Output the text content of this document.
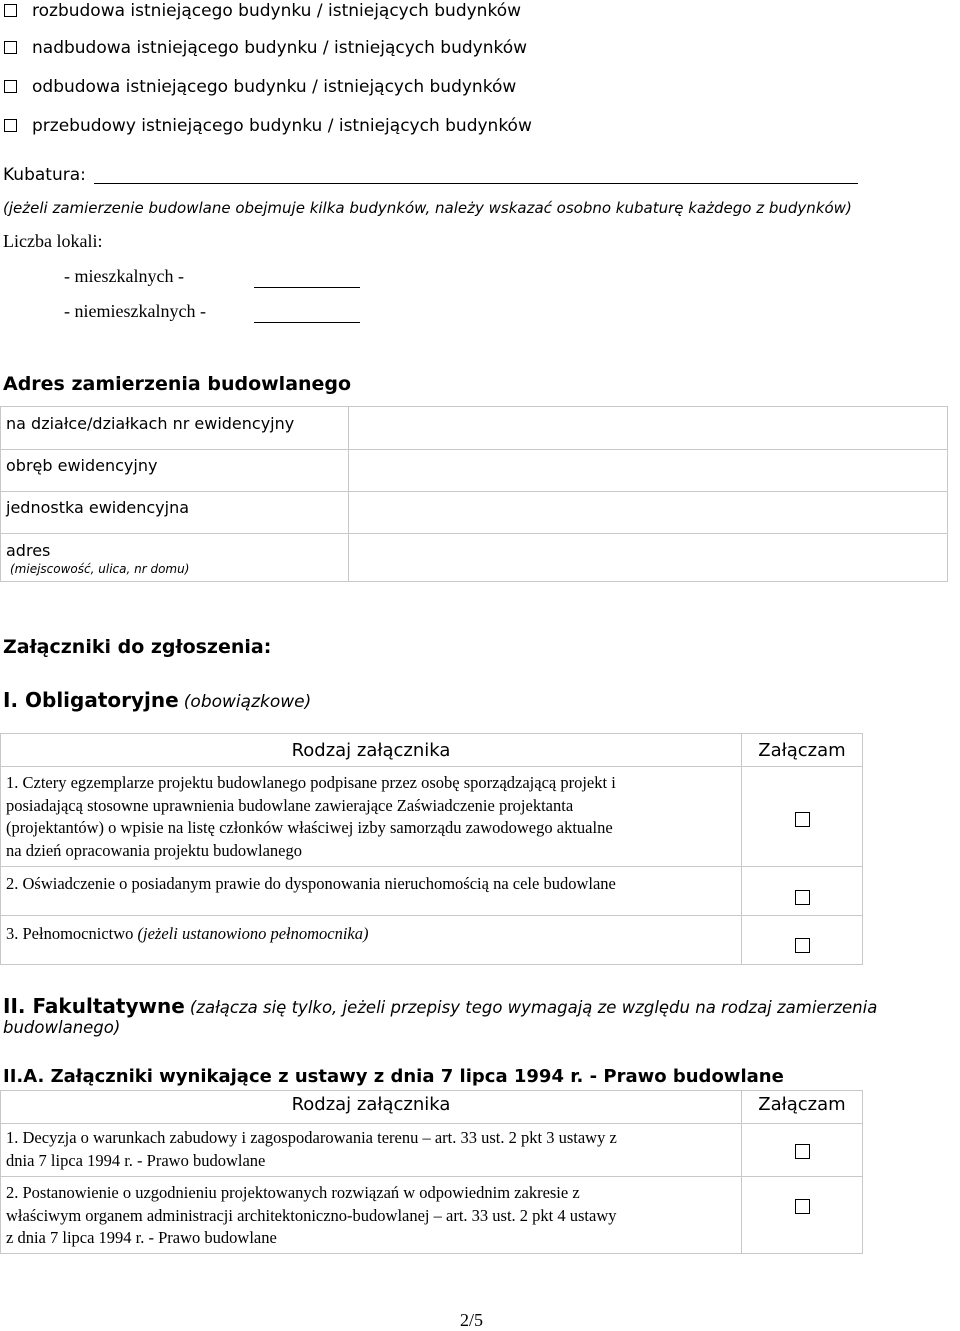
rozbudowa istniejącego budynku / istniejących budynków
nadbudowa istniejącego budynku / istniejących budynków
odbudowa istniejącego budynku / istniejących budynków
przebudowy istniejącego budynku / istniejących budynków
Kubatura:
(jeżeli zamierzenie budowlane obejmuje kilka budynków, należy wskazać osobno kubaturę każdego z budynków)
Liczba lokali:
- mieszkalnych -
- niemieszkalnych -
Adres zamierzenia budowlanego
na działce/działkach nr ewidencyjny
obręb ewidencyjny
jednostka ewidencyjna
adres
(miejscowość, ulica, nr domu)
Załączniki do zgłoszenia:
I. Obligatoryjne (obowiązkowe)
Rodzaj załącznika	Załączam
1. Cztery egzemplarze projektu budowlanego podpisane przez osobę sporządzającą projekt i
posiadającą stosowne uprawnienia budowlane zawierające Zaświadczenie projektanta
(projektantów) o wpisie na listę członków właściwej izby samorządu zawodowego aktualne
na dzień opracowania projektu budowlanego
2. Oświadczenie o posiadanym prawie do dysponowania nieruchomością na cele budowlane
3. Pełnomocnictwo (jeżeli ustanowiono pełnomocnika)
II. Fakultatywne (załącza się tylko, jeżeli przepisy tego wymagają ze względu na rodzaj zamierzenia
budowlanego)
II.A. Załączniki wynikające z ustawy z dnia 7 lipca 1994 r. - Prawo budowlane
Rodzaj załącznika	Załączam
1. Decyzja o warunkach zabudowy i zagospodarowania terenu – art. 33 ust. 2 pkt 3 ustawy z
dnia 7 lipca 1994 r. - Prawo budowlane
2. Postanowienie o uzgodnieniu projektowanych rozwiązań w odpowiednim zakresie z
właściwym organem administracji architektoniczno-budowlanej – art. 33 ust. 2 pkt 4 ustawy
z dnia 7 lipca 1994 r. - Prawo budowlane
2/5
